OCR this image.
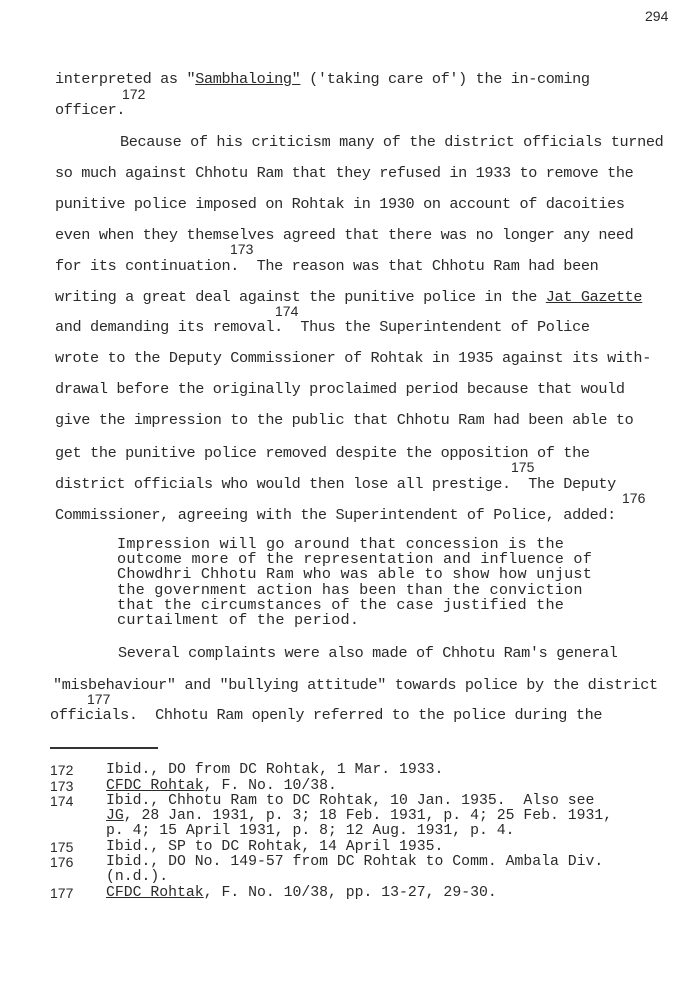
294
interpreted as "Sambhaloing" ('taking care of') the in-coming
172
officer.
Because of his criticism many of the district officials turned
so much against Chhotu Ram that they refused in 1933 to remove the
punitive police imposed on Rohtak in 1930 on account of dacoities
even when they themselves agreed that there was no longer any need
173
for its continuation.  The reason was that Chhotu Ram had been
writing a great deal against the punitive police in the Jat Gazette
174
and demanding its removal.  Thus the Superintendent of Police
wrote to the Deputy Commissioner of Rohtak in 1935 against its with-
drawal before the originally proclaimed period because that would
give the impression to the public that Chhotu Ram had been able to
get the punitive police removed despite the opposition of the
175
district officials who would then lose all prestige.  The Deputy
176
Commissioner, agreeing with the Superintendent of Police, added:
Impression will go around that concession is the
outcome more of the representation and influence of
Chowdhri Chhotu Ram who was able to show how unjust
the government action has been than the conviction
that the circumstances of the case justified the
curtailment of the period.
Several complaints were also made of Chhotu Ram's general
"misbehaviour" and "bullying attitude" towards police by the district
177
officials.  Chhotu Ram openly referred to the police during the
172 Ibid., DO from DC Rohtak, 1 Mar. 1933.
173 CFDC Rohtak, F. No. 10/38.
174 Ibid., Chhotu Ram to DC Rohtak, 10 Jan. 1935.  Also see
JG, 28 Jan. 1931, p. 3; 18 Feb. 1931, p. 4; 25 Feb. 1931,
p. 4; 15 April 1931, p. 8; 12 Aug. 1931, p. 4.
175 Ibid., SP to DC Rohtak, 14 April 1935.
176 Ibid., DO No. 149-57 from DC Rohtak to Comm. Ambala Div.
(n.d.).
177 CFDC Rohtak, F. No. 10/38, pp. 13-27, 29-30.
